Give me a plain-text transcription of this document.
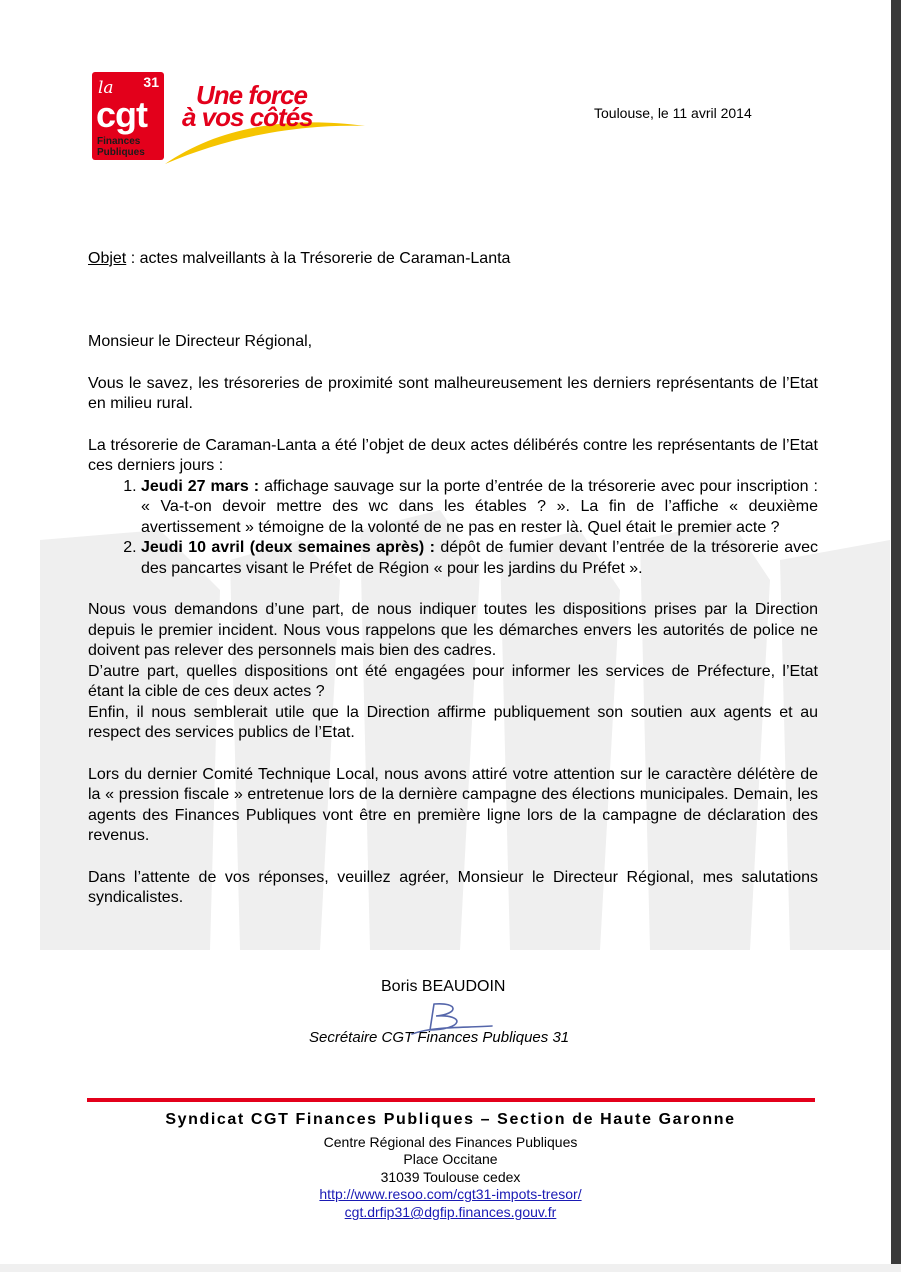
31
la
cgt
Finances
Publiques
Une force
à vos côtés	Toulouse, le 11 avril 2014
Objet : actes malveillants à la Trésorerie de Caraman-Lanta

Monsieur le Directeur Régional,

Vous le savez, les trésoreries de proximité sont malheureusement les derniers représentants de l’Etat en milieu rural.

La trésorerie de Caraman-Lanta a été l’objet de deux actes délibérés contre les représentants de l’Etat ces derniers jours :

1. Jeudi 27 mars : affichage sauvage sur la porte d’entrée de la trésorerie avec pour inscription : « Va-t-on devoir mettre des wc dans les étables ? ». La fin de l’affiche « deuxième avertissement » témoigne de la volonté de ne pas en rester là. Quel était le premier acte ?
2. Jeudi 10 avril (deux semaines après) : dépôt de fumier devant l’entrée de la trésorerie avec des pancartes visant le Préfet de Région « pour les jardins du Préfet ».

Nous vous demandons d’une part, de nous indiquer toutes les dispositions prises par la Direction depuis le premier incident. Nous vous rappelons que les démarches envers les autorités de police ne doivent pas relever des personnels mais bien des cadres.

D’autre part, quelles dispositions ont été engagées pour informer les services de Préfecture, l’Etat étant la cible de ces deux actes ?

Enfin, il nous semblerait utile que la Direction affirme publiquement son soutien aux agents et au respect des services publics de l’Etat.

Lors du dernier Comité Technique Local, nous avons attiré votre attention sur le caractère délétère de la « pression fiscale » entretenue lors de la dernière campagne des élections municipales. Demain, les agents des Finances Publiques vont être en première ligne lors de la campagne de déclaration des revenus.

Dans l’attente de vos réponses, veuillez agréer, Monsieur le Directeur Régional, mes salutations syndicalistes.

Boris BEAUDOIN
Secrétaire CGT Finances Publiques 31
Syndicat CGT Finances Publiques – Section de Haute Garonne
Centre Régional des Finances Publiques
Place Occitane
31039 Toulouse cedex
http://www.resoo.com/cgt31-impots-tresor/
cgt.drfip31@dgfip.finances.gouv.fr
